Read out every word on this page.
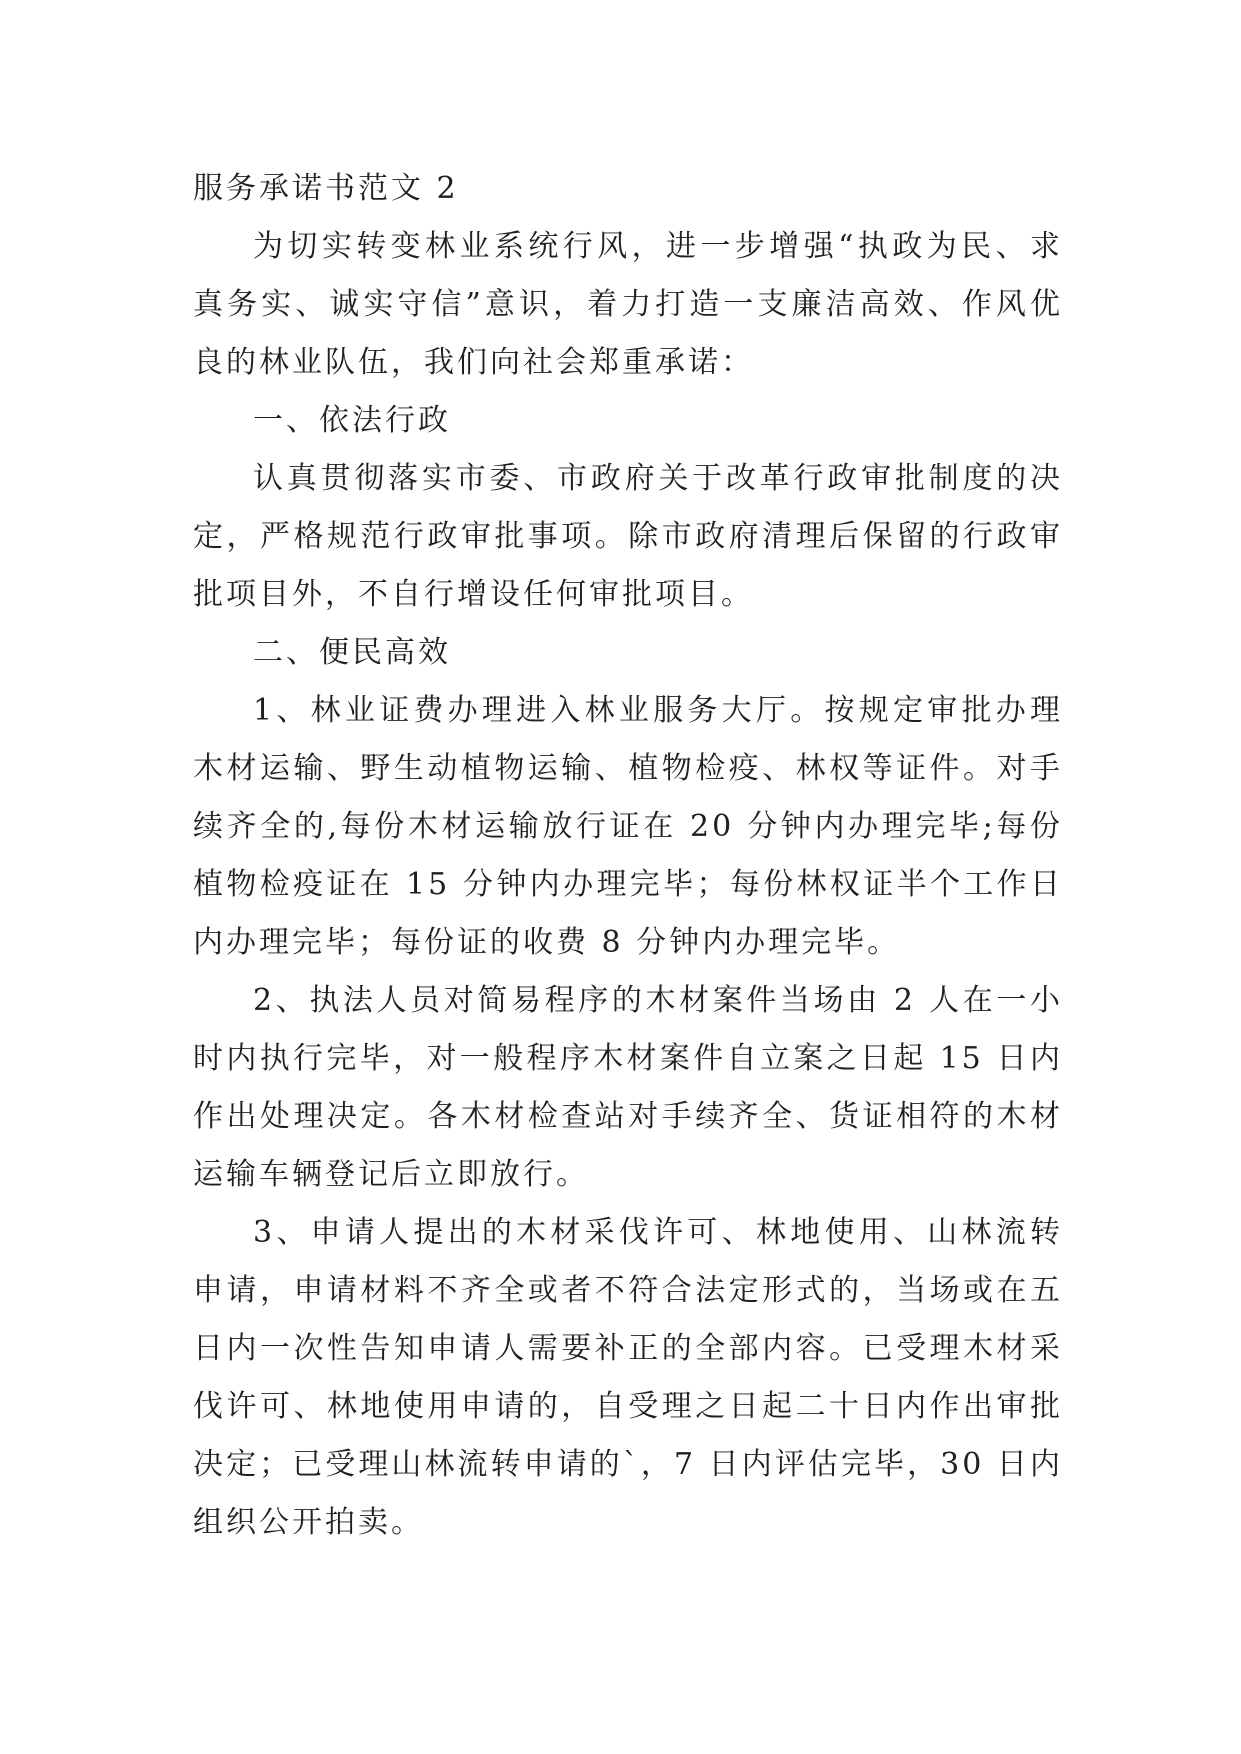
服务承诺书范文 2

为切实转变林业系统行风，进一步增强“执政为民、求真务实、诚实守信”意识，着力打造一支廉洁高效、作风优良的林业队伍，我们向社会郑重承诺：

一、依法行政

认真贯彻落实市委、市政府关于改革行政审批制度的决定，严格规范行政审批事项。除市政府清理后保留的行政审批项目外，不自行增设任何审批项目。

二、便民高效

1、林业证费办理进入林业服务大厅。按规定审批办理木材运输、野生动植物运输、植物检疫、林权等证件。对手续齐全的,每份木材运输放行证在 20 分钟内办理完毕;每份植物检疫证在 15 分钟内办理完毕；每份林权证半个工作日内办理完毕；每份证的收费 8 分钟内办理完毕。

2、执法人员对简易程序的木材案件当场由 2 人在一小时内执行完毕，对一般程序木材案件自立案之日起 15 日内作出处理决定。各木材检查站对手续齐全、货证相符的木材运输车辆登记后立即放行。

3、申请人提出的木材采伐许可、林地使用、山林流转申请，申请材料不齐全或者不符合法定形式的，当场或在五日内一次性告知申请人需要补正的全部内容。已受理木材采伐许可、林地使用申请的，自受理之日起二十日内作出审批决定；已受理山林流转申请的`，7 日内评估完毕，30 日内组织公开拍卖。
